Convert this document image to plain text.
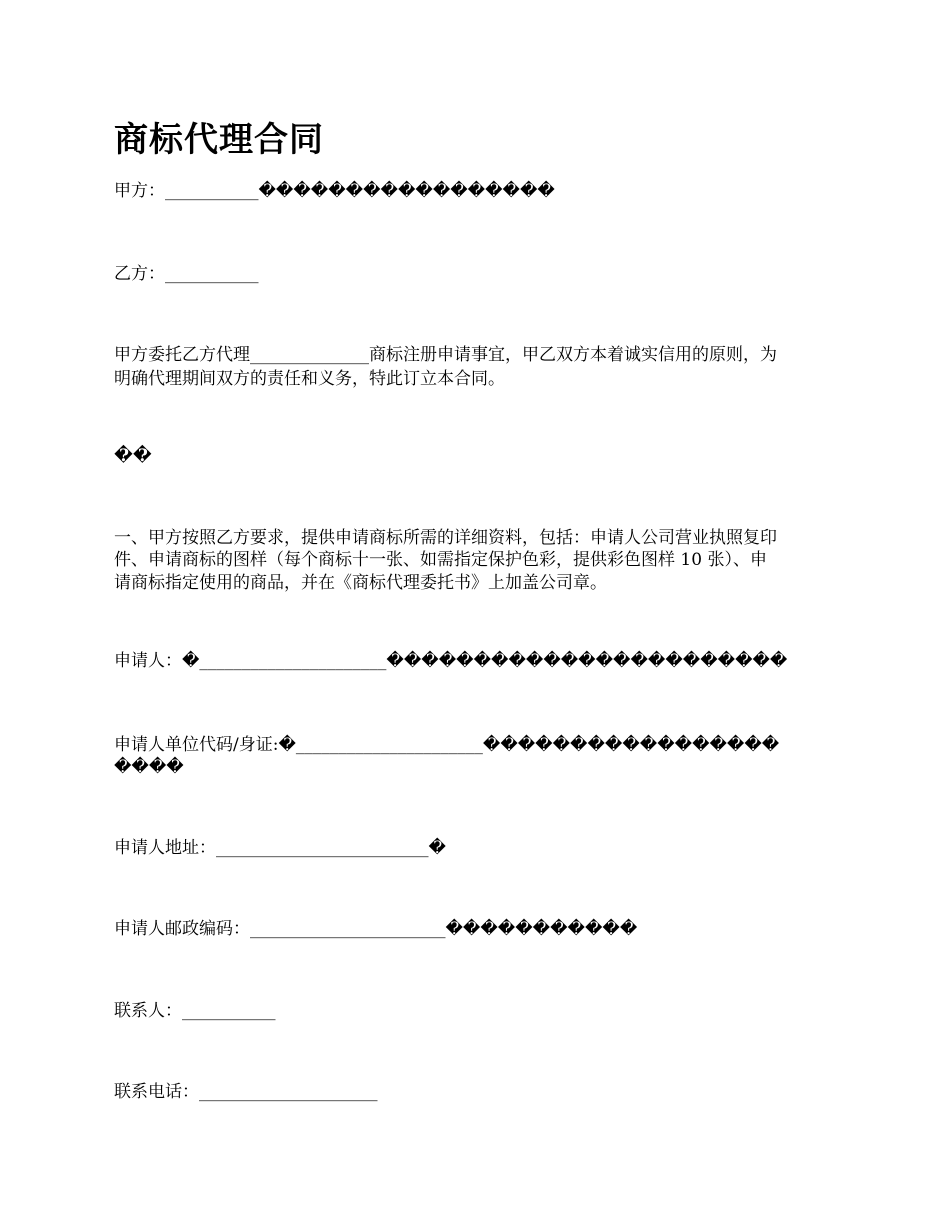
商标代理合同
甲方：___________�����������������
乙方：___________
甲方委托乙方代理______________商标注册申请事宜，甲乙双方本着诚实信用的原则，为
明确代理期间双方的责任和义务，特此订立本合同。
��
一、甲方按照乙方要求，提供申请商标所需的详细资料，包括：申请人公司营业执照复印
件、申请商标的图样（每个商标十一张、如需指定保护色彩，提供彩色图样 10 张）、申
请商标指定使用的商品，并在《商标代理委托书》上加盖公司章。
申请人：�______________________�����������������������
申请人单位代码/身证:�______________________�����������������
����
申请人地址：_________________________�
申请人邮政编码：_______________________�����������
联系人：___________
联系电话：_____________________
